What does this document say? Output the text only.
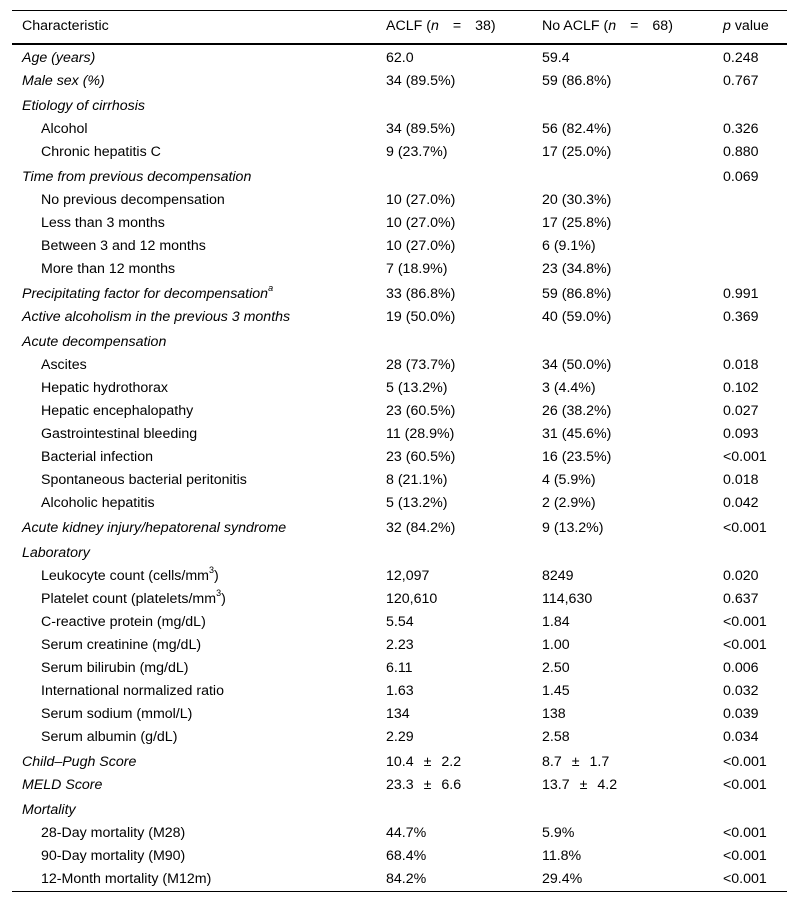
Characteristic	ACLF (n = 38)	No ACLF (n = 68)	p value
Age (years)	62.0	59.4	0.248
Male sex (%)	34 (89.5%)	59 (86.8%)	0.767
Etiology of cirrhosis			
Alcohol	34 (89.5%)	56 (82.4%)	0.326
Chronic hepatitis C	9 (23.7%)	17 (25.0%)	0.880
Time from previous decompensation			0.069
No previous decompensation	10 (27.0%)	20 (30.3%)	
Less than 3 months	10 (27.0%)	17 (25.8%)	
Between 3 and 12 months	10 (27.0%)	6 (9.1%)	
More than 12 months	7 (18.9%)	23 (34.8%)	
Precipitating factor for decompensation$^a$	33 (86.8%)	59 (86.8%)	0.991
Active alcoholism in the previous 3 months	19 (50.0%)	40 (59.0%)	0.369
Acute decompensation			
Ascites	28 (73.7%)	34 (50.0%)	0.018
Hepatic hydrothorax	5 (13.2%)	3 (4.4%)	0.102
Hepatic encephalopathy	23 (60.5%)	26 (38.2%)	0.027
Gastrointestinal bleeding	11 (28.9%)	31 (45.6%)	0.093
Bacterial infection	23 (60.5%)	16 (23.5%)	<0.001
Spontaneous bacterial peritonitis	8 (21.1%)	4 (5.9%)	0.018
Alcoholic hepatitis	5 (13.2%)	2 (2.9%)	0.042
Acute kidney injury/hepatorenal syndrome	32 (84.2%)	9 (13.2%)	<0.001
Laboratory			
Leukocyte count $(cells/mm^3)$	12,097	8249	0.020
Platelet count $(platelets/mm^3)$	120,610	114,630	0.637
C-reactive protein (mg/dL)	5.54	1.84	<0.001
Serum creatinine (mg/dL)	2.23	1.00	<0.001
Serum bilirubin (mg/dL)	6.11	2.50	0.006
International normalized ratio	1.63	1.45	0.032
Serum sodium (mmol/L)	134	138	0.039
Serum albumin (g/dL)	2.29	2.58	0.034
Child–Pugh Score	10.4 ± 2.2	8.7 ± 1.7	<0.001
MELD Score	23.3 ± 6.6	13.7 ± 4.2	<0.001
Mortality			
28-Day mortality (M28)	44.7%	5.9%	<0.001
90-Day mortality (M90)	68.4%	11.8%	<0.001
12-Month mortality (M12m)	84.2%	29.4%	<0.001
